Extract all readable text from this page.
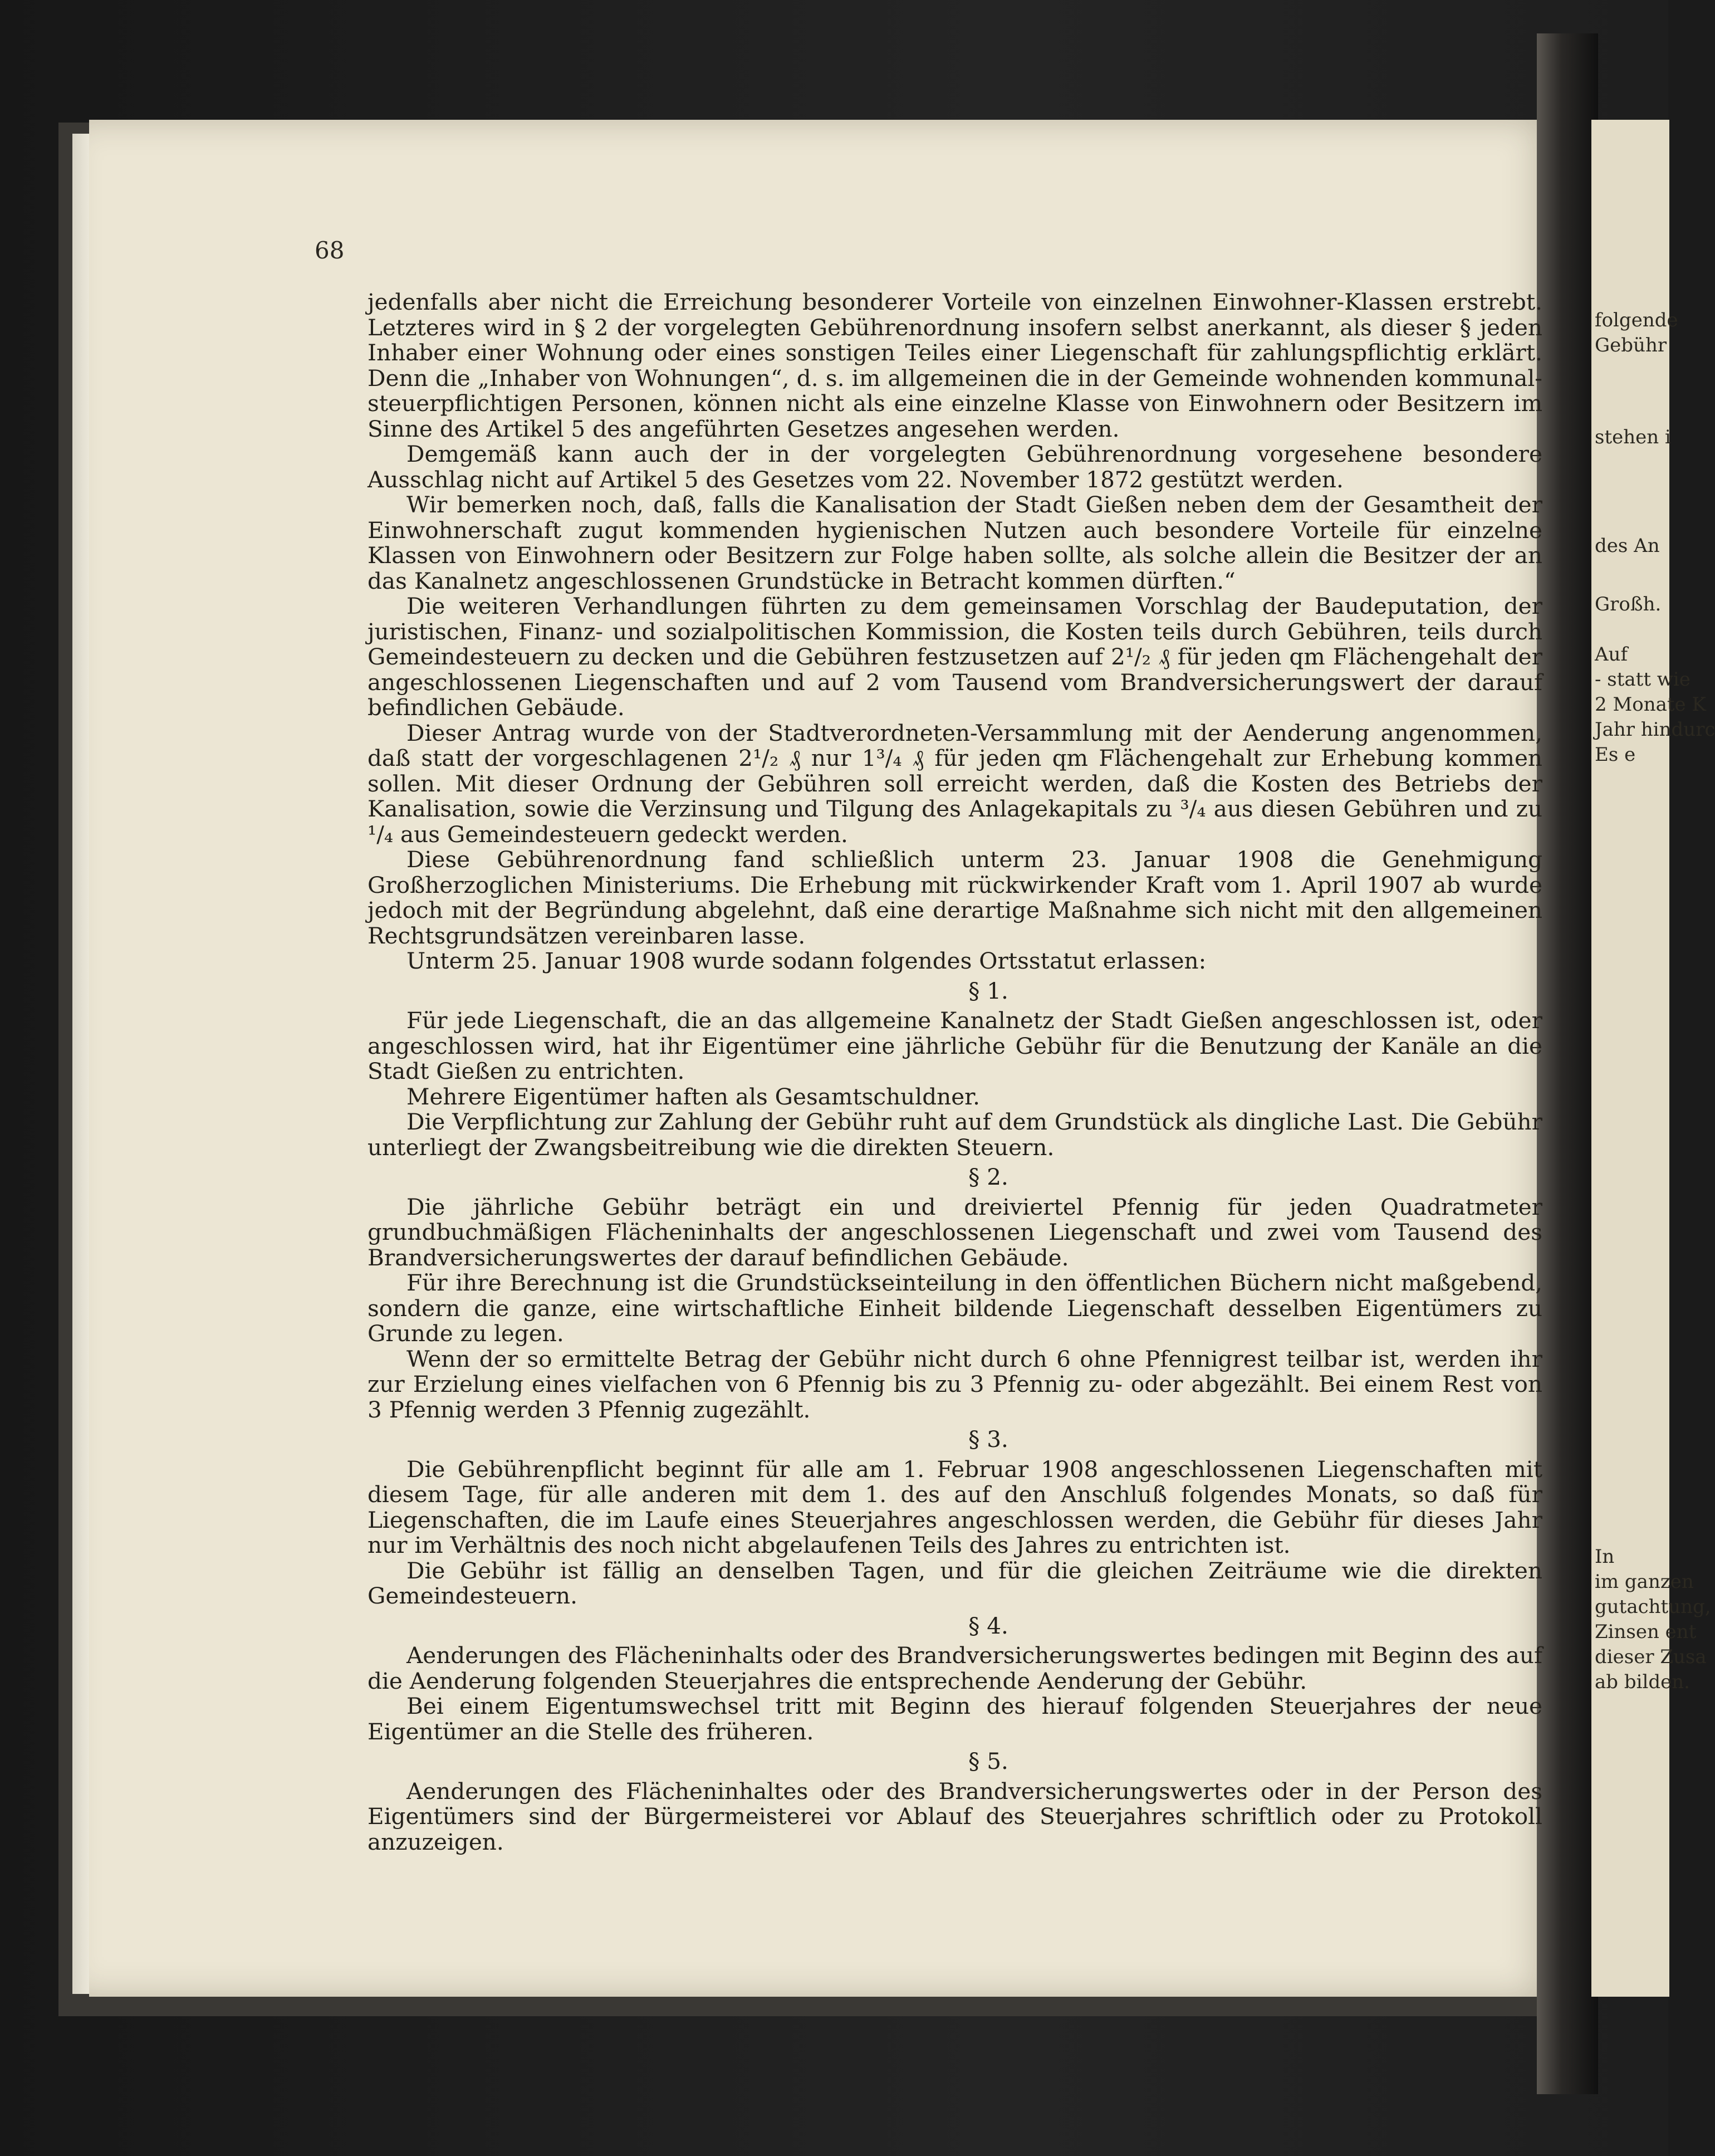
folgende
Gebühr
stehen i
des An
Großh.
Auf
- statt wie
2 Monate K
Jahr hindurc
Es e
In
im ganzen
gutachtung,
Zinsen ent
dieser Zusa
ab bilden.
68

jedenfalls aber nicht die Erreichung besonderer Vorteile von einzelnen Einwohner-Klassen erstrebt. Letzteres wird in § 2 der vorgelegten Gebührenordnung insofern selbst anerkannt, als dieser § jeden Inhaber einer Wohnung oder eines sonstigen Teiles einer Liegenschaft für zahlungspflichtig erklärt. Denn die „Inhaber von Wohnungen“, d. s. im allgemeinen die in der Gemeinde wohnenden kommunal-steuerpflichtigen Personen, können nicht als eine einzelne Klasse von Einwohnern oder Besitzern im Sinne des Artikel 5 des angeführten Gesetzes angesehen werden.

Demgemäß kann auch der in der vorgelegten Gebührenordnung vorgesehene besondere Ausschlag nicht auf Artikel 5 des Gesetzes vom 22. November 1872 gestützt werden.

Wir bemerken noch, daß, falls die Kanalisation der Stadt Gießen neben dem der Gesamtheit der Einwohnerschaft zugut kommenden hygienischen Nutzen auch besondere Vorteile für einzelne Klassen von Einwohnern oder Besitzern zur Folge haben sollte, als solche allein die Besitzer der an das Kanalnetz angeschlossenen Grundstücke in Betracht kommen dürften.“

Die weiteren Verhandlungen führten zu dem gemeinsamen Vorschlag der Baudeputation, der juristischen, Finanz- und sozialpolitischen Kommission, die Kosten teils durch Gebühren, teils durch Gemeindesteuern zu decken und die Gebühren festzusetzen auf 2¹/₂ ₰ für jeden qm Flächengehalt der angeschlossenen Liegenschaften und auf 2 vom Tausend vom Brandversicherungswert der darauf befindlichen Gebäude.

Dieser Antrag wurde von der Stadtverordneten-Versammlung mit der Aenderung angenommen, daß statt der vorgeschlagenen 2¹/₂ ₰ nur 1³/₄ ₰ für jeden qm Flächengehalt zur Erhebung kommen sollen. Mit dieser Ordnung der Gebühren soll erreicht werden, daß die Kosten des Betriebs der Kanalisation, sowie die Verzinsung und Tilgung des Anlagekapitals zu ³/₄ aus diesen Gebühren und zu ¹/₄ aus Gemeindesteuern gedeckt werden.

Diese Gebührenordnung fand schließlich unterm 23. Januar 1908 die Genehmigung Großherzoglichen Ministeriums. Die Erhebung mit rückwirkender Kraft vom 1. April 1907 ab wurde jedoch mit der Begründung abgelehnt, daß eine derartige Maßnahme sich nicht mit den allgemeinen Rechtsgrundsätzen vereinbaren lasse.

Unterm 25. Januar 1908 wurde sodann folgendes Ortsstatut erlassen:

§ 1.

Für jede Liegenschaft, die an das allgemeine Kanalnetz der Stadt Gießen angeschlossen ist, oder angeschlossen wird, hat ihr Eigentümer eine jährliche Gebühr für die Benutzung der Kanäle an die Stadt Gießen zu entrichten.

Mehrere Eigentümer haften als Gesamtschuldner.

Die Verpflichtung zur Zahlung der Gebühr ruht auf dem Grundstück als dingliche Last. Die Gebühr unterliegt der Zwangsbeitreibung wie die direkten Steuern.

§ 2.

Die jährliche Gebühr beträgt ein und dreiviertel Pfennig für jeden Quadratmeter grundbuchmäßigen Flächeninhalts der angeschlossenen Liegenschaft und zwei vom Tausend des Brandversicherungswertes der darauf befindlichen Gebäude.

Für ihre Berechnung ist die Grundstückseinteilung in den öffentlichen Büchern nicht maßgebend, sondern die ganze, eine wirtschaftliche Einheit bildende Liegenschaft desselben Eigentümers zu Grunde zu legen.

Wenn der so ermittelte Betrag der Gebühr nicht durch 6 ohne Pfennigrest teilbar ist, werden ihr zur Erzielung eines vielfachen von 6 Pfennig bis zu 3 Pfennig zu- oder abgezählt. Bei einem Rest von 3 Pfennig werden 3 Pfennig zugezählt.

§ 3.

Die Gebührenpflicht beginnt für alle am 1. Februar 1908 angeschlossenen Liegenschaften mit diesem Tage, für alle anderen mit dem 1. des auf den Anschluß folgendes Monats, so daß für Liegenschaften, die im Laufe eines Steuerjahres angeschlossen werden, die Gebühr für dieses Jahr nur im Verhältnis des noch nicht abgelaufenen Teils des Jahres zu entrichten ist.

Die Gebühr ist fällig an denselben Tagen, und für die gleichen Zeiträume wie die direkten Gemeindesteuern.

§ 4.

Aenderungen des Flächeninhalts oder des Brandversicherungswertes bedingen mit Beginn des auf die Aenderung folgenden Steuerjahres die entsprechende Aenderung der Gebühr.

Bei einem Eigentumswechsel tritt mit Beginn des hierauf folgenden Steuerjahres der neue Eigentümer an die Stelle des früheren.

§ 5.

Aenderungen des Flächeninhaltes oder des Brandversicherungswertes oder in der Person des Eigentümers sind der Bürgermeisterei vor Ablauf des Steuerjahres schriftlich oder zu Protokoll anzuzeigen.
